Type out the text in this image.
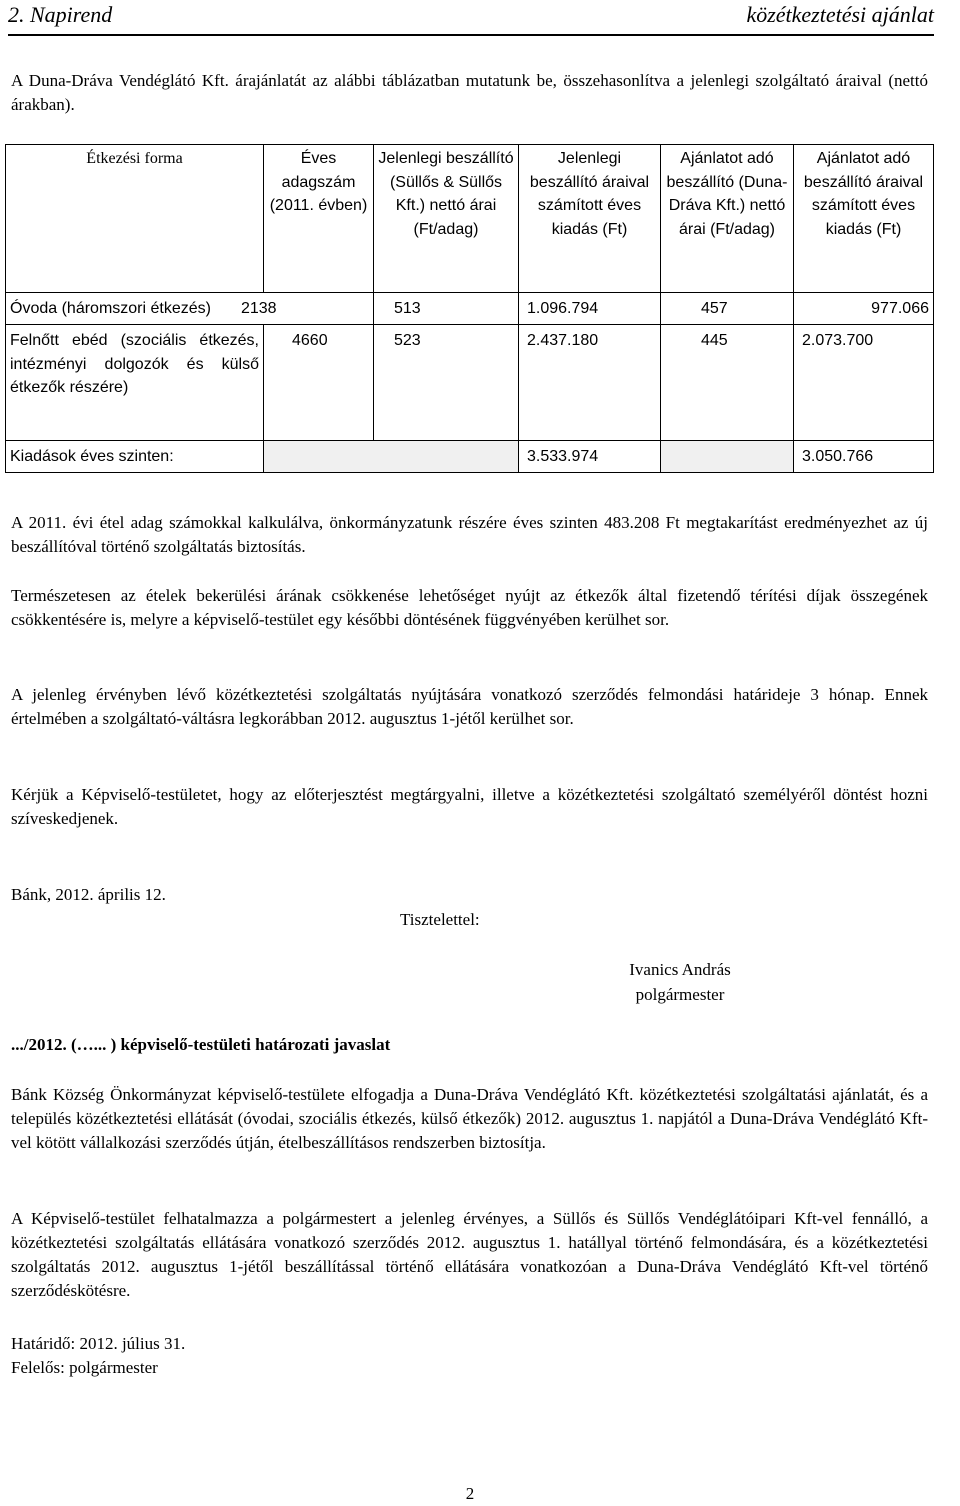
2. Napirend	közétkeztetési ajánlat

A Duna-Dráva Vendéglátó Kft. árajánlatát az alábbi táblázatban mutatunk be, összehasonlítva a jelenlegi szolgáltató áraival (nettó árakban).

Étkezési forma	Éves adagszám (2011. évben)	Jelenlegi beszállító (Süllős & Süllős Kft.) nettó árai (Ft/adag)	Jelenlegi beszállító áraival számított éves kiadás (Ft)	Ajánlatot adó beszállító (Duna-Dráva Kft.) nettó árai (Ft/adag)	Ajánlatot adó beszállító áraival számított éves kiadás (Ft)
Óvoda (háromszori étkezés) 2138		513	1.096.794	457	977.066
Felnőtt ebéd (szociális étkezés, intézményi dolgozók és külső étkezők részére)	4660	523	2.437.180	445	2.073.700
Kiadások éves szinten:			3.533.974		3.050.766

A 2011. évi étel adag számokkal kalkulálva, önkormányzatunk részére éves szinten 483.208 Ft megtakarítást eredményezhet az új beszállítóval történő szolgáltatás biztosítás.

Természetesen az ételek bekerülési árának csökkenése lehetőséget nyújt az étkezők által fizetendő térítési díjak összegének csökkentésére is, melyre a képviselő-testület egy későbbi döntésének függvényében kerülhet sor.

A jelenleg érvényben lévő közétkeztetési szolgáltatás nyújtására vonatkozó szerződés felmondási határideje 3 hónap. Ennek értelmében a szolgáltató-váltásra legkorábban 2012. augusztus 1-jétől kerülhet sor.

Kérjük a Képviselő-testületet, hogy az előterjesztést megtárgyalni, illetve a közétkeztetési szolgáltató személyéről döntést hozni szíveskedjenek.

Bánk, 2012. április 12.

Tisztelettel:

Ivanics András

polgármester

.../2012. (…... ) képviselő-testületi határozati javaslat

Bánk Község Önkormányzat képviselő-testülete elfogadja a Duna-Dráva Vendéglátó Kft. közétkeztetési szolgáltatási ajánlatát, és a település közétkeztetési ellátását (óvodai, szociális étkezés, külső étkezők) 2012. augusztus 1. napjától a Duna-Dráva Vendéglátó Kft-vel kötött vállalkozási szerződés útján, ételbeszállításos rendszerben biztosítja.

A Képviselő-testület felhatalmazza a polgármestert a jelenleg érvényes, a Süllős és Süllős Vendéglátóipari Kft-vel fennálló, a közétkeztetési szolgáltatás ellátására vonatkozó szerződés 2012. augusztus 1. hatállyal történő felmondására, és a közétkeztetési szolgáltatás 2012. augusztus 1-jétől beszállítással történő ellátására vonatkozóan a Duna-Dráva Vendéglátó Kft-vel történő szerződéskötésre.

Határidő: 2012. július 31.

Felelős: polgármester

2
